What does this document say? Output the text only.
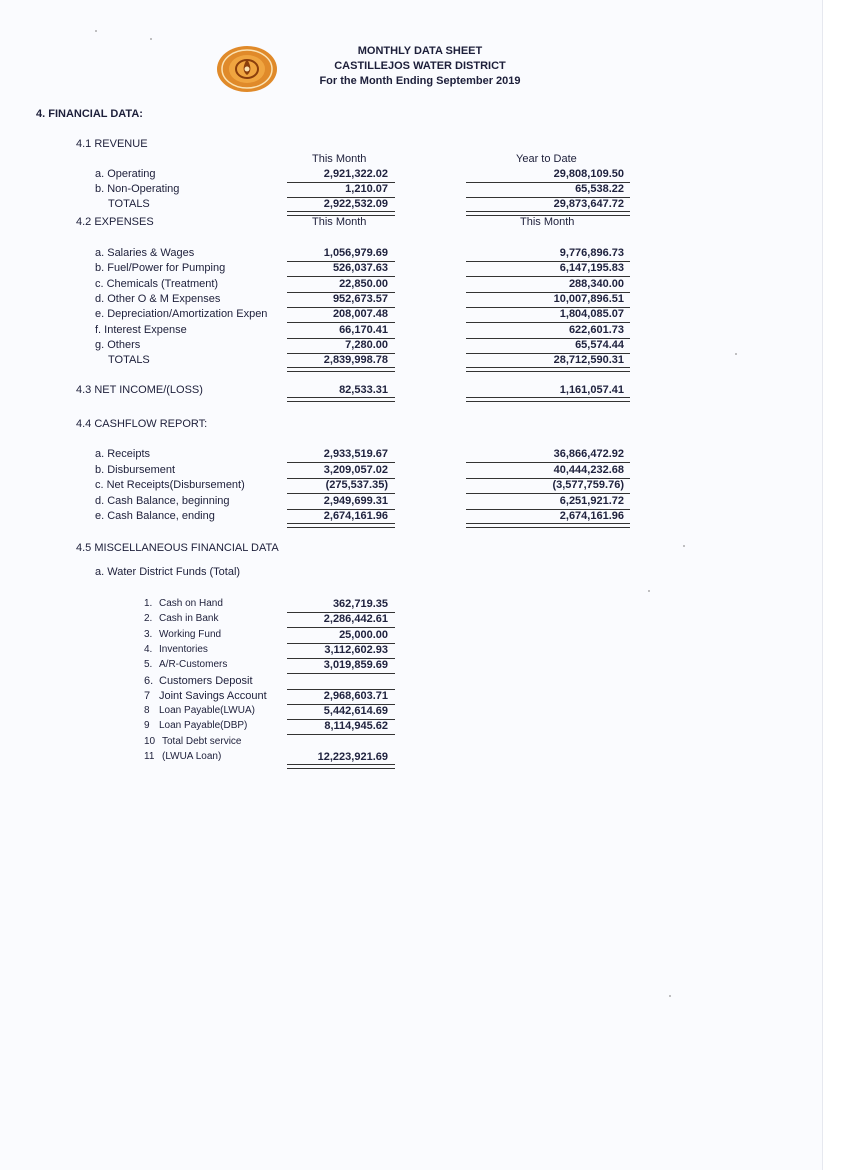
MONTHLY DATA SHEET
CASTILLEJOS WATER DISTRICT
For the Month Ending September 2019
4. FINANCIAL DATA:
4.1 REVENUE
This Month	Year to Date
a. Operating	2,921,322.02	29,808,109.50
b. Non-Operating	1,210.07	65,538.22
TOTALS	2,922,532.09	29,873,647.72
4.2 EXPENSES	This Month	This Month
a. Salaries & Wages	1,056,979.69	9,776,896.73
b. Fuel/Power for Pumping	526,037.63	6,147,195.83
c. Chemicals (Treatment)	22,850.00	288,340.00
d. Other O & M Expenses	952,673.57	10,007,896.51
e. Depreciation/Amortization Expen	208,007.48	1,804,085.07
f. Interest Expense	66,170.41	622,601.73
g. Others	7,280.00	65,574.44
TOTALS	2,839,998.78	28,712,590.31
4.3 NET INCOME/(LOSS)	82,533.31	1,161,057.41
4.4 CASHFLOW REPORT:
a. Receipts	2,933,519.67	36,866,472.92
b. Disbursement	3,209,057.02	40,444,232.68
c. Net Receipts(Disbursement)	(275,537.35)	(3,577,759.76)
d. Cash Balance, beginning	2,949,699.31	6,251,921.72
e. Cash Balance, ending	2,674,161.96	2,674,161.96
4.5 MISCELLANEOUS FINANCIAL DATA
a. Water District Funds (Total)
1. Cash on Hand	362,719.35
2. Cash in Bank	2,286,442.61
3. Working Fund	25,000.00
4. Inventories	3,112,602.93
5. A/R-Customers	3,019,859.69
6. Customers Deposit
7 Joint Savings Account	2,968,603.71
8 Loan Payable(LWUA)	5,442,614.69
9 Loan Payable(DBP)	8,114,945.62
10 Total Debt service
11 (LWUA Loan)	12,223,921.69
